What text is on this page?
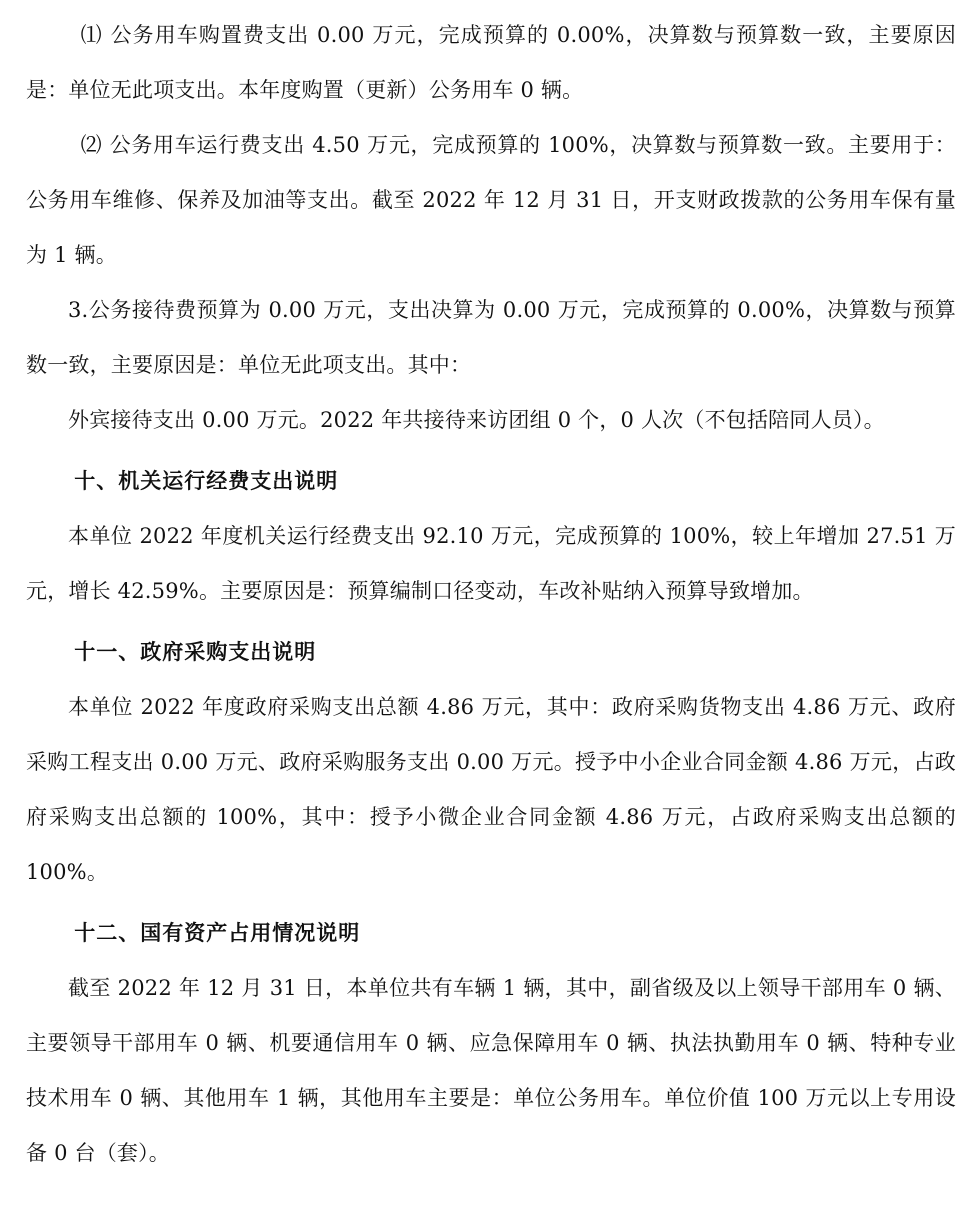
⑴ 公务用车购置费支出 0.00 万元，完成预算的 0.00%，决算数与预算数一致，主要原因是：单位无此项支出。本年度购置（更新）公务用车 0 辆。

⑵ 公务用车运行费支出 4.50 万元，完成预算的 100%，决算数与预算数一致。主要用于：公务用车维修、保养及加油等支出。截至 2022 年 12 月 31 日，开支财政拨款的公务用车保有量为 1 辆。

3.公务接待费预算为 0.00 万元，支出决算为 0.00 万元，完成预算的 0.00%，决算数与预算数一致，主要原因是：单位无此项支出。其中：

外宾接待支出 0.00 万元。2022 年共接待来访团组 0 个，0 人次（不包括陪同人员）。

十、机关运行经费支出说明

本单位 2022 年度机关运行经费支出 92.10 万元，完成预算的 100%，较上年增加 27.51 万元，增长 42.59%。主要原因是：预算编制口径变动，车改补贴纳入预算导致增加。

十一、政府采购支出说明

本单位 2022 年度政府采购支出总额 4.86 万元，其中：政府采购货物支出 4.86 万元、政府采购工程支出 0.00 万元、政府采购服务支出 0.00 万元。授予中小企业合同金额 4.86 万元，占政府采购支出总额的 100%，其中：授予小微企业合同金额 4.86 万元，占政府采购支出总额的 100%。

十二、国有资产占用情况说明

截至 2022 年 12 月 31 日，本单位共有车辆 1 辆，其中，副省级及以上领导干部用车 0 辆、主要领导干部用车 0 辆、机要通信用车 0 辆、应急保障用车 0 辆、执法执勤用车 0 辆、特种专业技术用车 0 辆、其他用车 1 辆，其他用车主要是：单位公务用车。单位价值 100 万元以上专用设备 0 台（套）。
